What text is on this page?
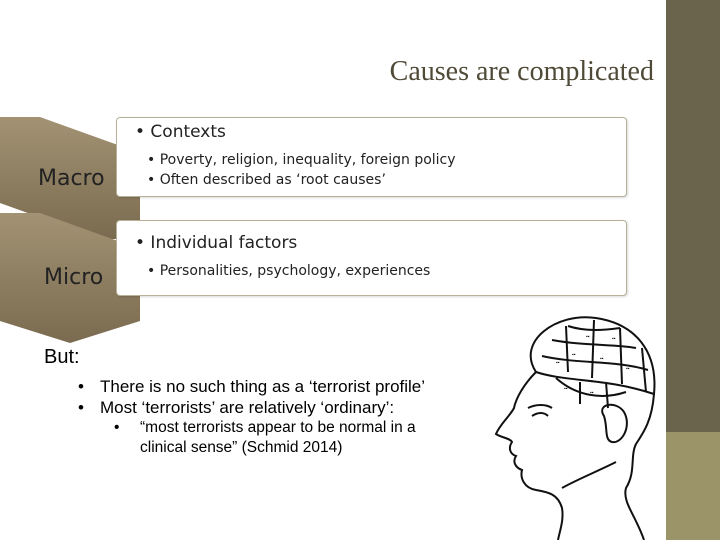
Causes are complicated
Macro
Micro
• Contexts
• Poverty, religion, inequality, foreign policy
• Often described as ‘root causes’
• Individual factors
• Personalities, psychology, experiences
But:
• There is no such thing as a ‘terrorist profile’
• Most ‘terrorists’ are relatively ‘ordinary’:
• “most terrorists appear to be normal in a clinical sense” (Schmid 2014)
▪▪
▪▪
▪▪
▪▪
▪▪	▪▪
▪▪
▪▪	▪▪
